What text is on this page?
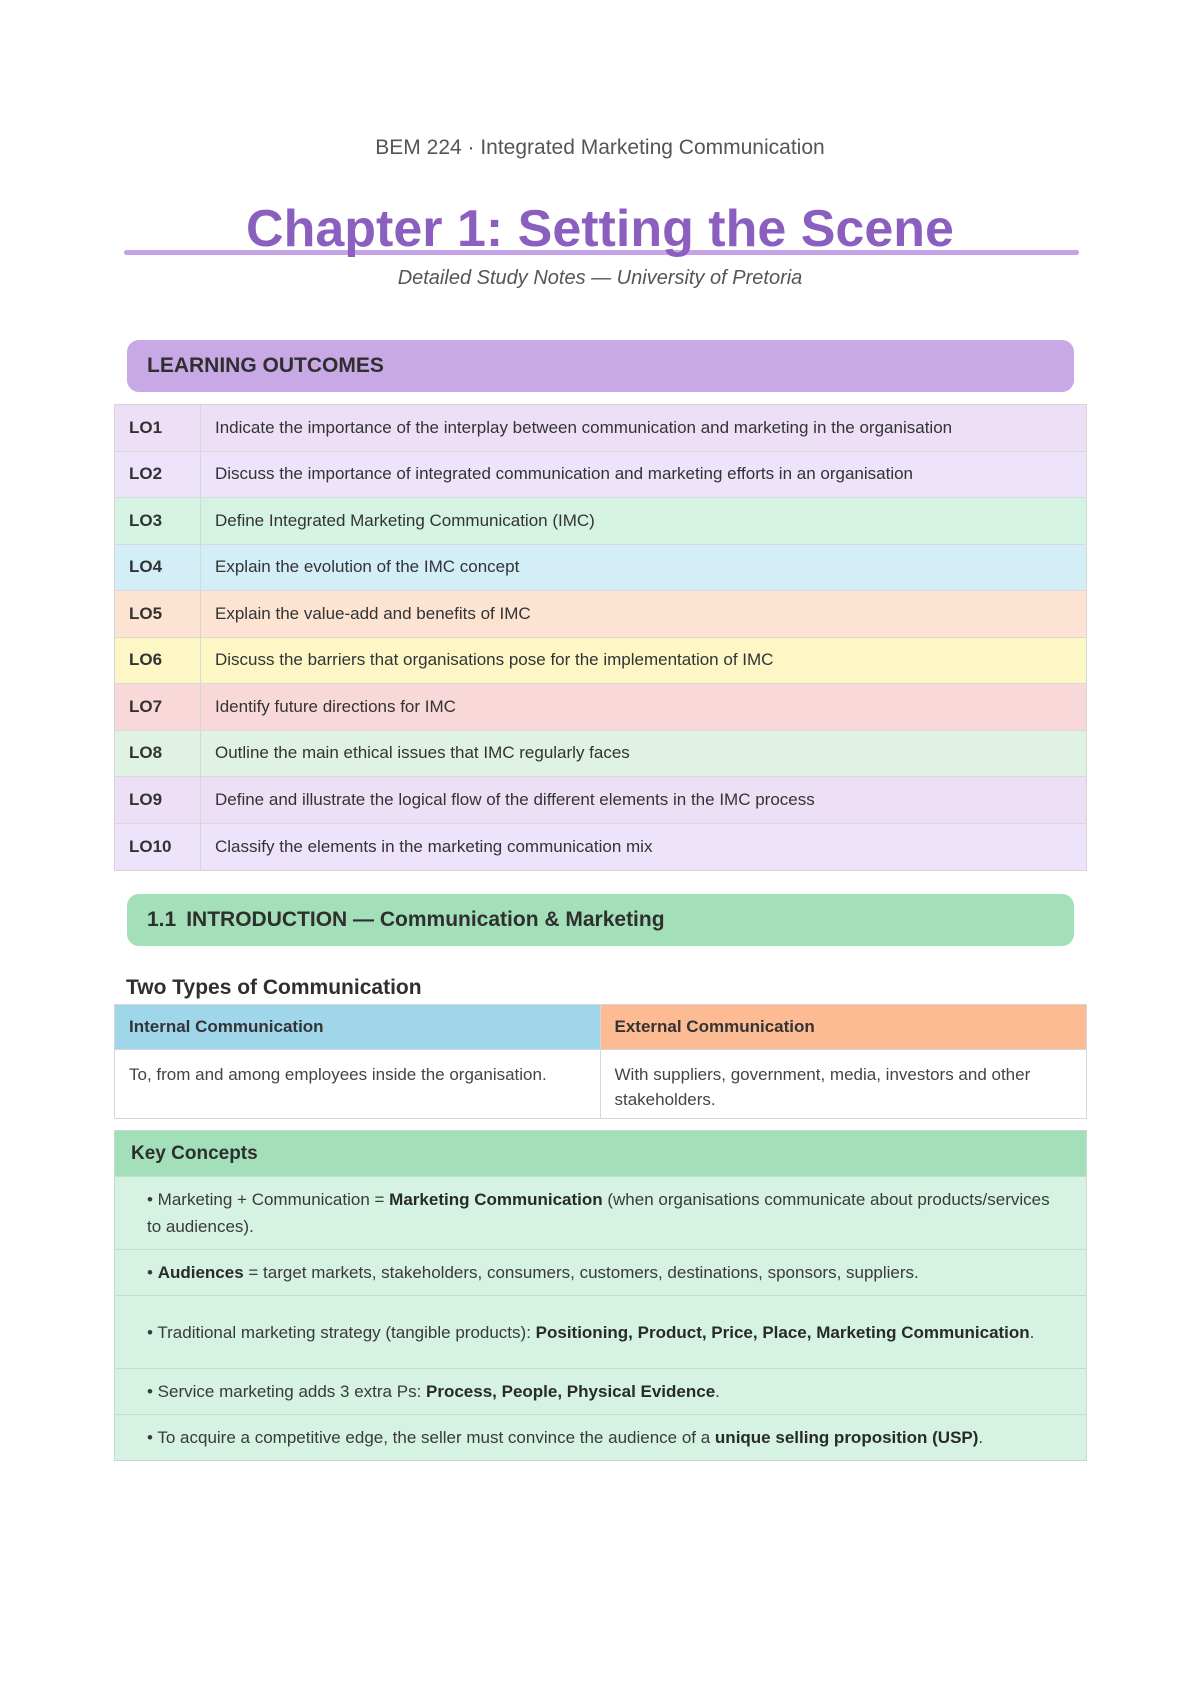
BEM 224 · Integrated Marketing Communication
Chapter 1: Setting the Scene
Detailed Study Notes — University of Pretoria
LEARNING OUTCOMES
LO1	Indicate the importance of the interplay between communication and marketing in the organisation
LO2	Discuss the importance of integrated communication and marketing efforts in an organisation
LO3	Define Integrated Marketing Communication (IMC)
LO4	Explain the evolution of the IMC concept
LO5	Explain the value-add and benefits of IMC
LO6	Discuss the barriers that organisations pose for the implementation of IMC
LO7	Identify future directions for IMC
LO8	Outline the main ethical issues that IMC regularly faces
LO9	Define and illustrate the logical flow of the different elements in the IMC process
LO10	Classify the elements in the marketing communication mix
1.1 INTRODUCTION — Communication & Marketing
Two Types of Communication
Internal Communication	External Communication
To, from and among employees inside the organisation.	With suppliers, government, media, investors and other stakeholders.
Key Concepts
• Marketing + Communication = Marketing Communication (when organisations communicate about products/services to audiences).
• Audiences = target markets, stakeholders, consumers, customers, destinations, sponsors, suppliers.
• Traditional marketing strategy (tangible products): Positioning, Product, Price, Place, Marketing Communication.
• Service marketing adds 3 extra Ps: Process, People, Physical Evidence.
• To acquire a competitive edge, the seller must convince the audience of a unique selling proposition (USP).
